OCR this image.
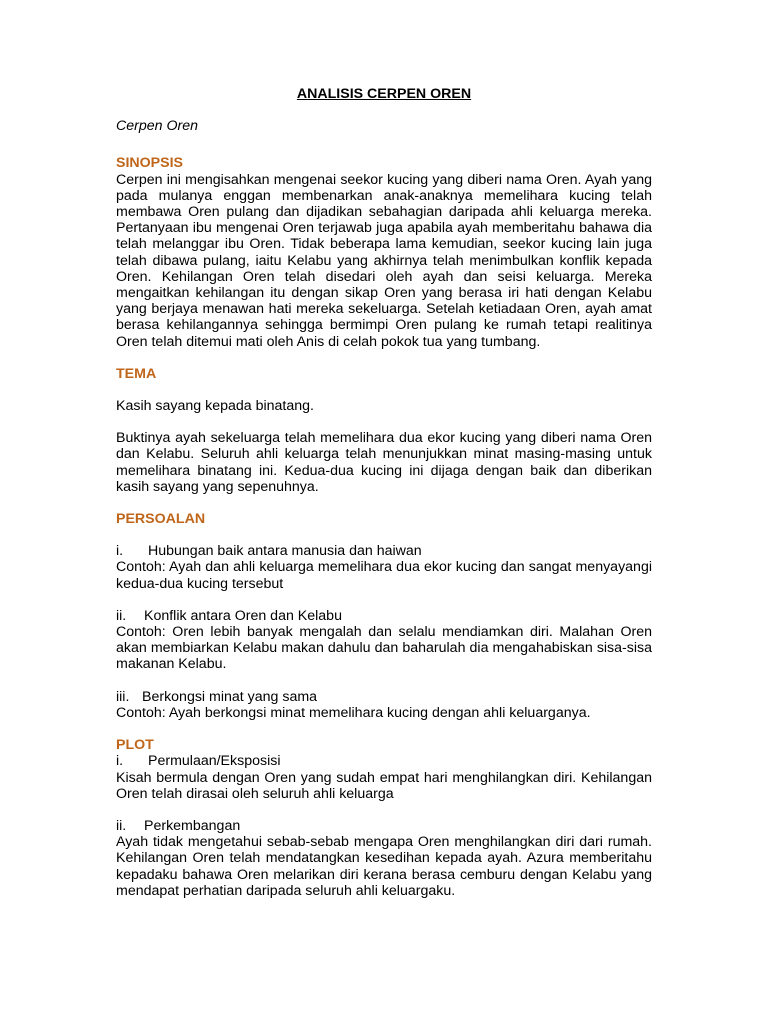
ANALISIS CERPEN OREN

Cerpen Oren

SINOPSIS

Cerpen ini mengisahkan mengenai seekor kucing yang diberi nama Oren. Ayah yang pada mulanya enggan membenarkan anak-anaknya memelihara kucing telah membawa Oren pulang dan dijadikan sebahagian daripada ahli keluarga mereka. Pertanyaan ibu mengenai Oren terjawab juga apabila ayah memberitahu bahawa dia telah melanggar ibu Oren. Tidak beberapa lama kemudian, seekor kucing lain juga telah dibawa pulang, iaitu Kelabu yang akhirnya telah menimbulkan konflik kepada Oren. Kehilangan Oren telah disedari oleh ayah dan seisi keluarga. Mereka mengaitkan kehilangan itu dengan sikap Oren yang berasa iri hati dengan Kelabu yang berjaya menawan hati mereka sekeluarga. Setelah ketiadaan Oren, ayah amat berasa kehilangannya sehingga bermimpi Oren pulang ke rumah tetapi realitinya Oren telah ditemui mati oleh Anis di celah pokok tua yang tumbang.

TEMA

Kasih sayang kepada binatang.

Buktinya ayah sekeluarga telah memelihara dua ekor kucing yang diberi nama Oren dan Kelabu. Seluruh ahli keluarga telah menunjukkan minat masing-masing untuk memelihara binatang ini. Kedua-dua kucing ini dijaga dengan baik dan diberikan kasih sayang yang sepenuhnya.

PERSOALAN

i. Hubungan baik antara manusia dan haiwan

Contoh: Ayah dan ahli keluarga memelihara dua ekor kucing dan sangat menyayangi kedua-dua kucing tersebut

ii. Konflik antara Oren dan Kelabu

Contoh: Oren lebih banyak mengalah dan selalu mendiamkan diri. Malahan Oren akan membiarkan Kelabu makan dahulu dan baharulah dia mengahabiskan sisa-sisa makanan Kelabu.

iii. Berkongsi minat yang sama

Contoh: Ayah berkongsi minat memelihara kucing dengan ahli keluarganya.

PLOT

i. Permulaan/Eksposisi

Kisah bermula dengan Oren yang sudah empat hari menghilangkan diri. Kehilangan Oren telah dirasai oleh seluruh ahli keluarga

ii. Perkembangan

Ayah tidak mengetahui sebab-sebab mengapa Oren menghilangkan diri dari rumah. Kehilangan Oren telah mendatangkan kesedihan kepada ayah. Azura memberitahu kepadaku bahawa Oren melarikan diri kerana berasa cemburu dengan Kelabu yang mendapat perhatian daripada seluruh ahli keluargaku.
